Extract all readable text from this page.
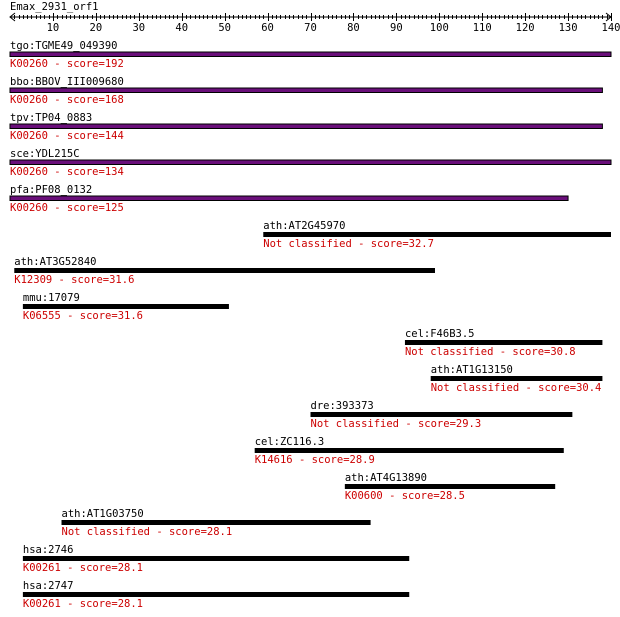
Emax_2931_orf1
10	20	30	40	50	60	70	80	90	100 110 120 130 140
tgo:TGME49_049390
K00260 - score=192
bbo:BBOV_III009680
K00260 - score=168
tpv:TP04_0883
K00260 - score=144
sce:YDL215C
K00260 - score=134
pfa:PF08_0132
K00260 - score=125
ath:AT2G45970
Not classified - score=32.7
ath:AT3G52840
K12309 - score=31.6
mmu:17079
K06555 - score=31.6
cel:F46B3.5
Not classified - score=30.8
ath:AT1G13150
Not classified - score=30.4
dre:393373
Not classified - score=29.3
cel:ZC116.3
K14616 - score=28.9
ath:AT4G13890
K00600 - score=28.5
ath:AT1G03750
Not classified - score=28.1
hsa:2746
K00261 - score=28.1
hsa:2747
K00261 - score=28.1
